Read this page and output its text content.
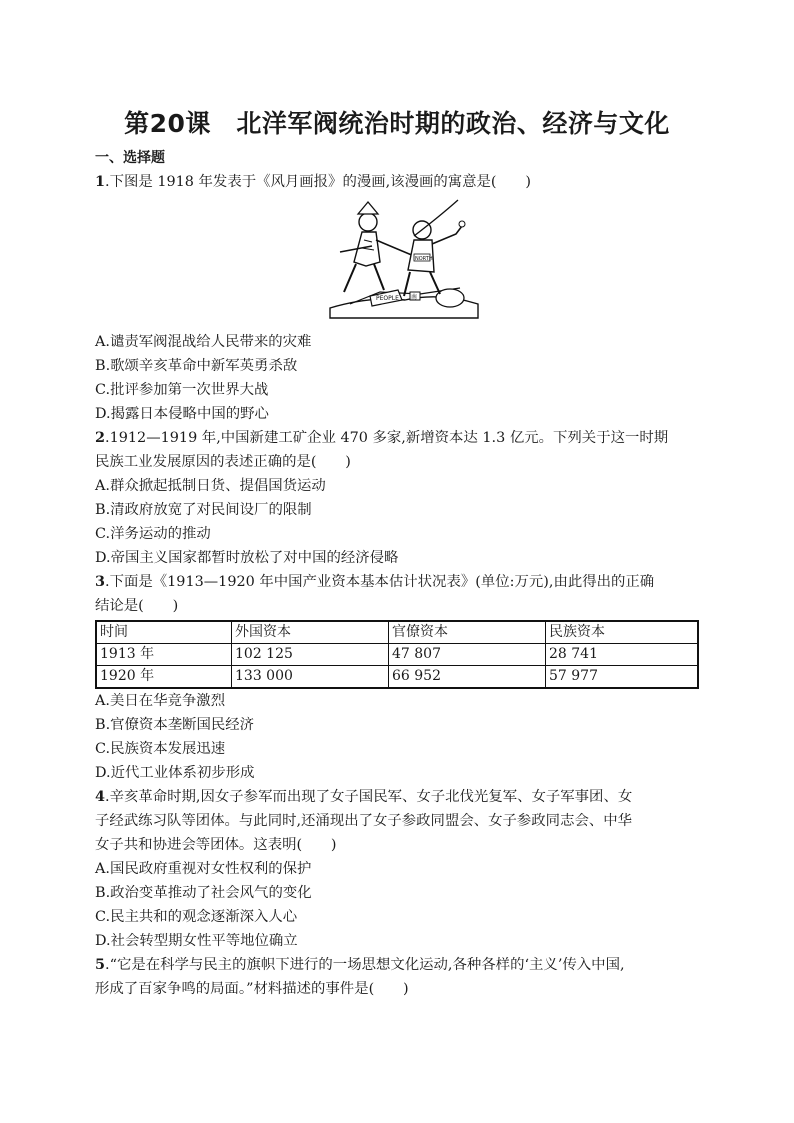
第20课　北洋军阀统治时期的政治、经济与文化
一、选择题
1.下图是 1918 年发表于《风月画报》的漫画,该漫画的寓意是(　　)
PEOPLE 南
NORTH
A.谴责军阀混战给人民带来的灾难
B.歌颂辛亥革命中新军英勇杀敌
C.批评参加第一次世界大战
D.揭露日本侵略中国的野心
2.1912—1919 年,中国新建工矿企业 470 多家,新增资本达 1.3 亿元。下列关于这一时期
民族工业发展原因的表述正确的是(　　)
A.群众掀起抵制日货、提倡国货运动
B.清政府放宽了对民间设厂的限制
C.洋务运动的推动
D.帝国主义国家都暂时放松了对中国的经济侵略
3.下面是《1913—1920 年中国产业资本基本估计状况表》(单位:万元),由此得出的正确
结论是(　　)
时间	外国资本	官僚资本	民族资本
1913 年	102 125	47 807	28 741
1920 年	133 000	66 952	57 977
A.美日在华竞争激烈
B.官僚资本垄断国民经济
C.民族资本发展迅速
D.近代工业体系初步形成
4.辛亥革命时期,因女子参军而出现了女子国民军、女子北伐光复军、女子军事团、女
子经武练习队等团体。与此同时,还涌现出了女子参政同盟会、女子参政同志会、中华
女子共和协进会等团体。这表明(　　)
A.国民政府重视对女性权利的保护
B.政治变革推动了社会风气的变化
C.民主共和的观念逐渐深入人心
D.社会转型期女性平等地位确立
5.“它是在科学与民主的旗帜下进行的一场思想文化运动,各种各样的‘主义’传入中国,
形成了百家争鸣的局面。”材料描述的事件是(　　)
